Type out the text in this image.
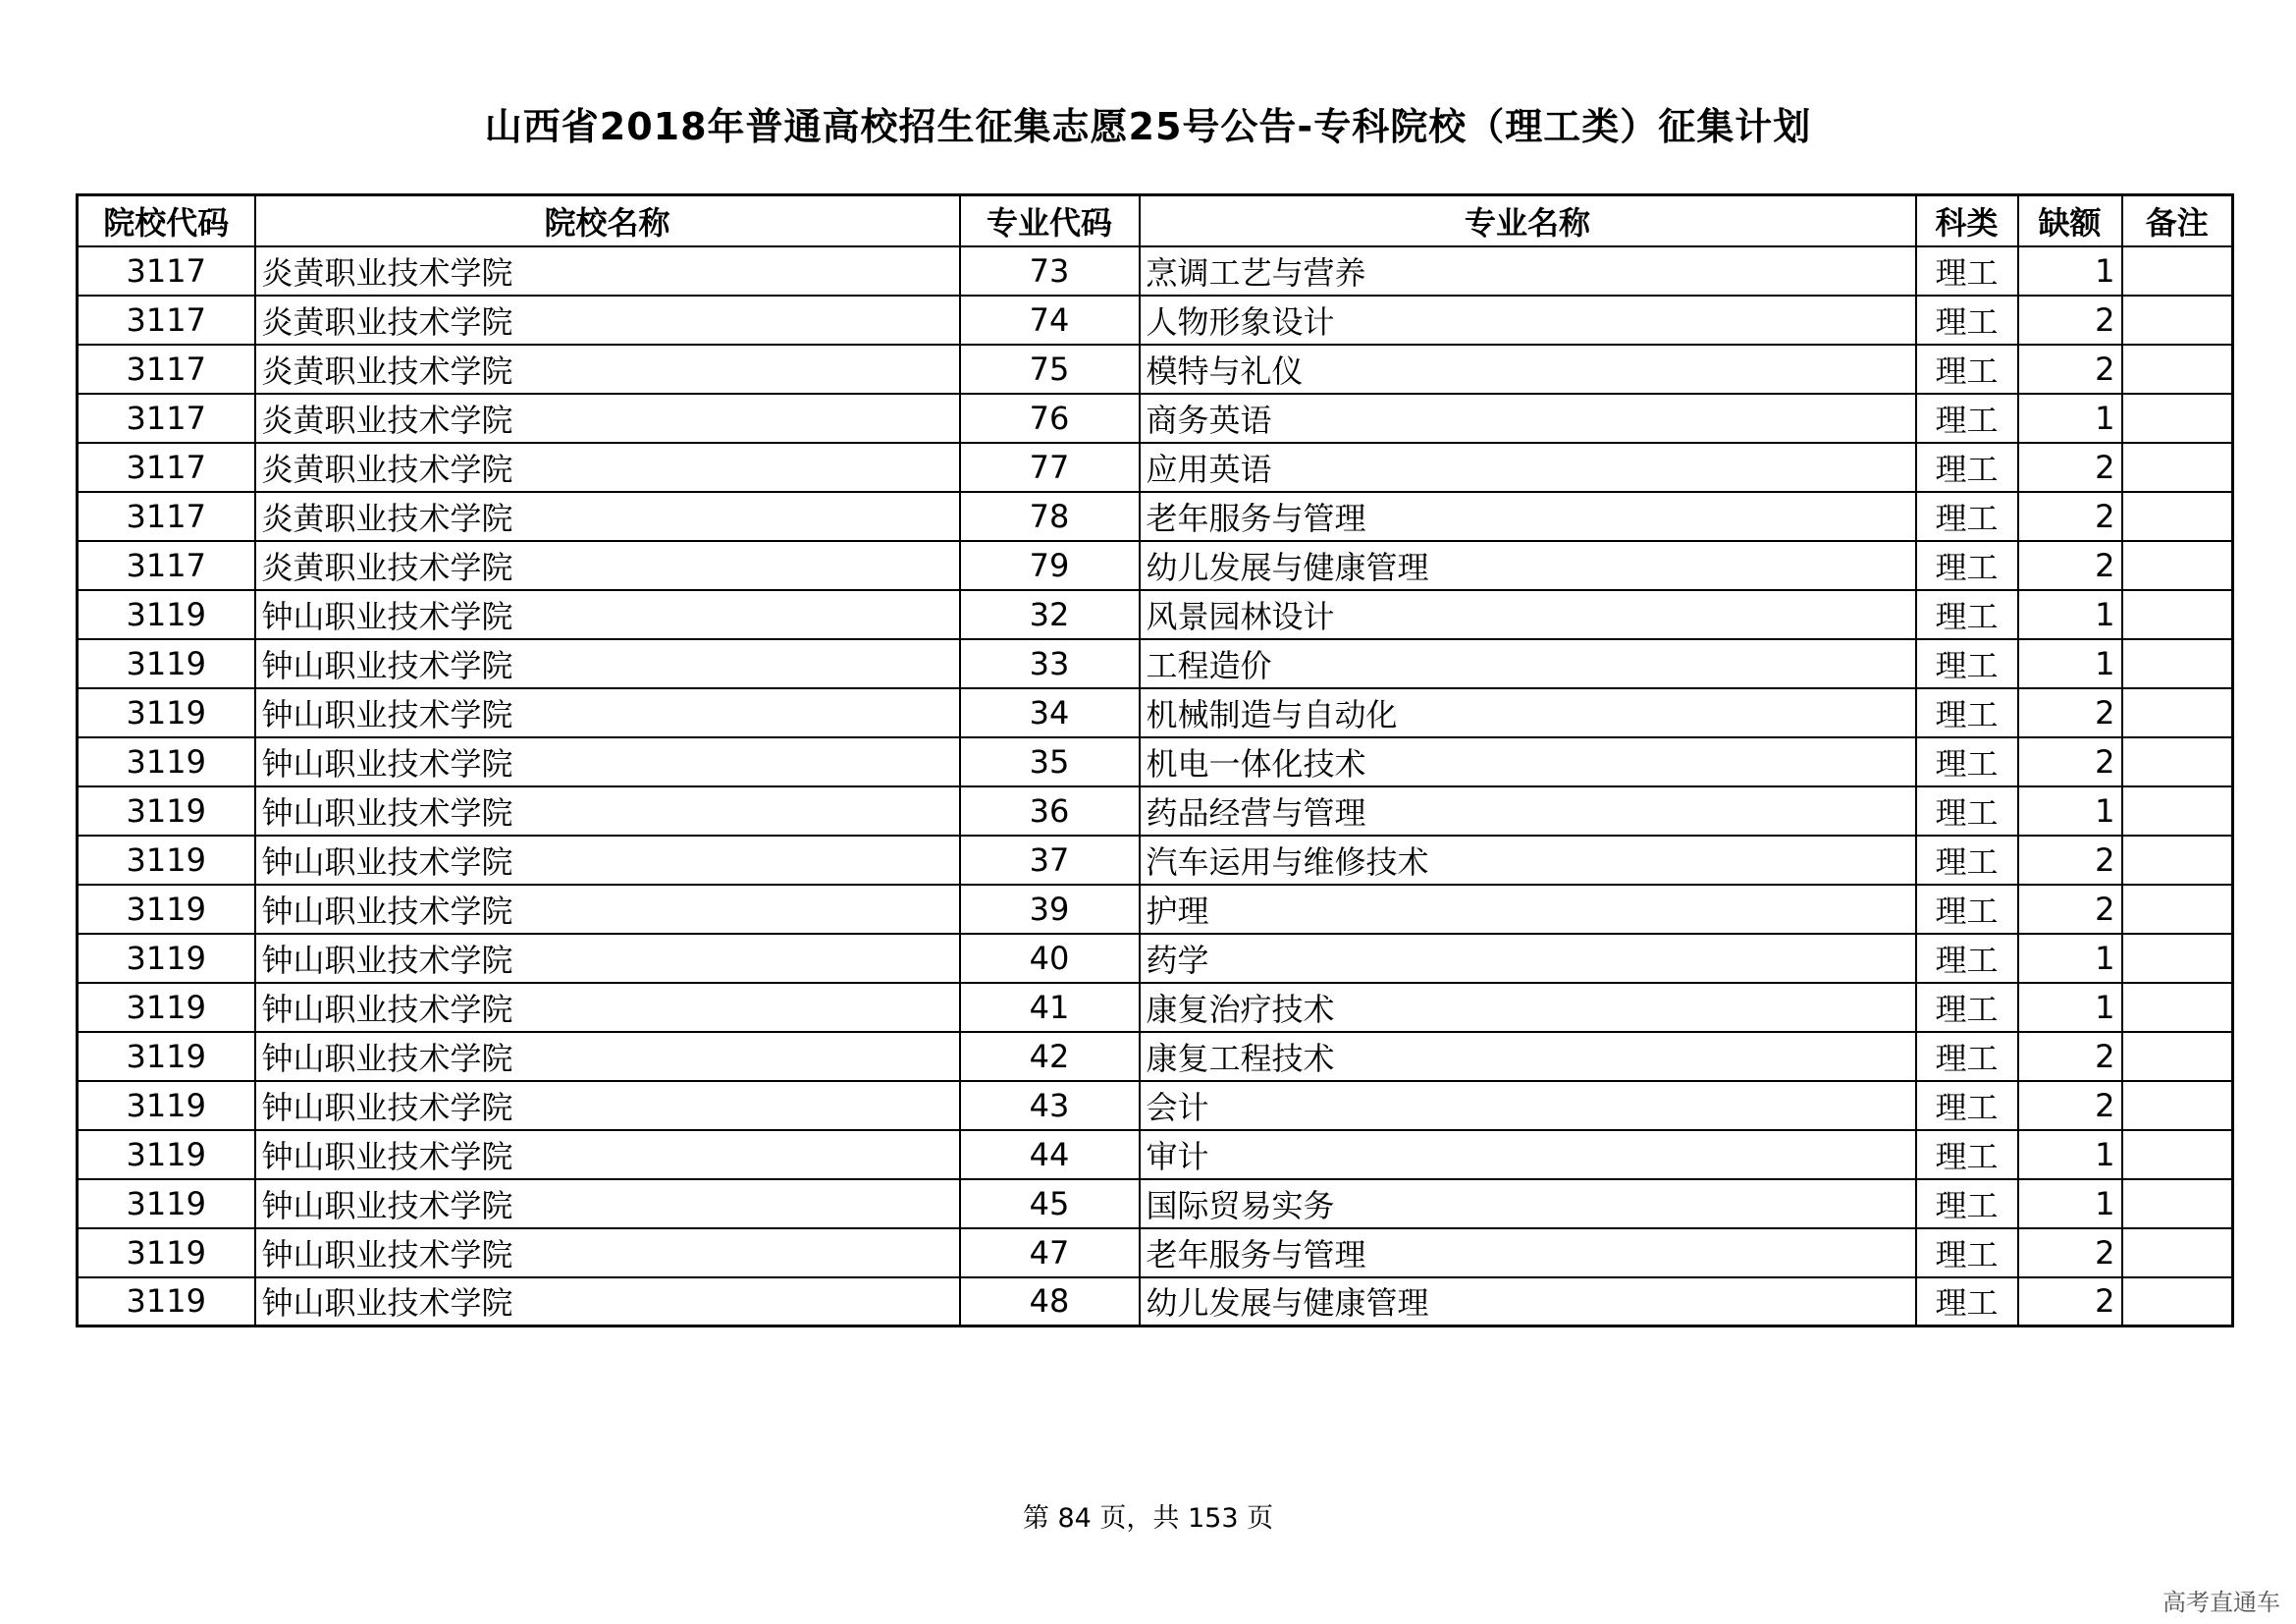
山西省2018年普通高校招生征集志愿25号公告-专科院校（理工类）征集计划
院校代码	院校名称	专业代码	专业名称	科类	缺额	备注
3117	炎黄职业技术学院	73	烹调工艺与营养	理工	1	
3117	炎黄职业技术学院	74	人物形象设计	理工	2	
3117	炎黄职业技术学院	75	模特与礼仪	理工	2	
3117	炎黄职业技术学院	76	商务英语	理工	1	
3117	炎黄职业技术学院	77	应用英语	理工	2	
3117	炎黄职业技术学院	78	老年服务与管理	理工	2	
3117	炎黄职业技术学院	79	幼儿发展与健康管理	理工	2	
3119	钟山职业技术学院	32	风景园林设计	理工	1	
3119	钟山职业技术学院	33	工程造价	理工	1	
3119	钟山职业技术学院	34	机械制造与自动化	理工	2	
3119	钟山职业技术学院	35	机电一体化技术	理工	2	
3119	钟山职业技术学院	36	药品经营与管理	理工	1	
3119	钟山职业技术学院	37	汽车运用与维修技术	理工	2	
3119	钟山职业技术学院	39	护理	理工	2	
3119	钟山职业技术学院	40	药学	理工	1	
3119	钟山职业技术学院	41	康复治疗技术	理工	1	
3119	钟山职业技术学院	42	康复工程技术	理工	2	
3119	钟山职业技术学院	43	会计	理工	2	
3119	钟山职业技术学院	44	审计	理工	1	
3119	钟山职业技术学院	45	国际贸易实务	理工	1	
3119	钟山职业技术学院	47	老年服务与管理	理工	2	
3119	钟山职业技术学院	48	幼儿发展与健康管理	理工	2	
第 84 页，共 153 页
高考直通车
